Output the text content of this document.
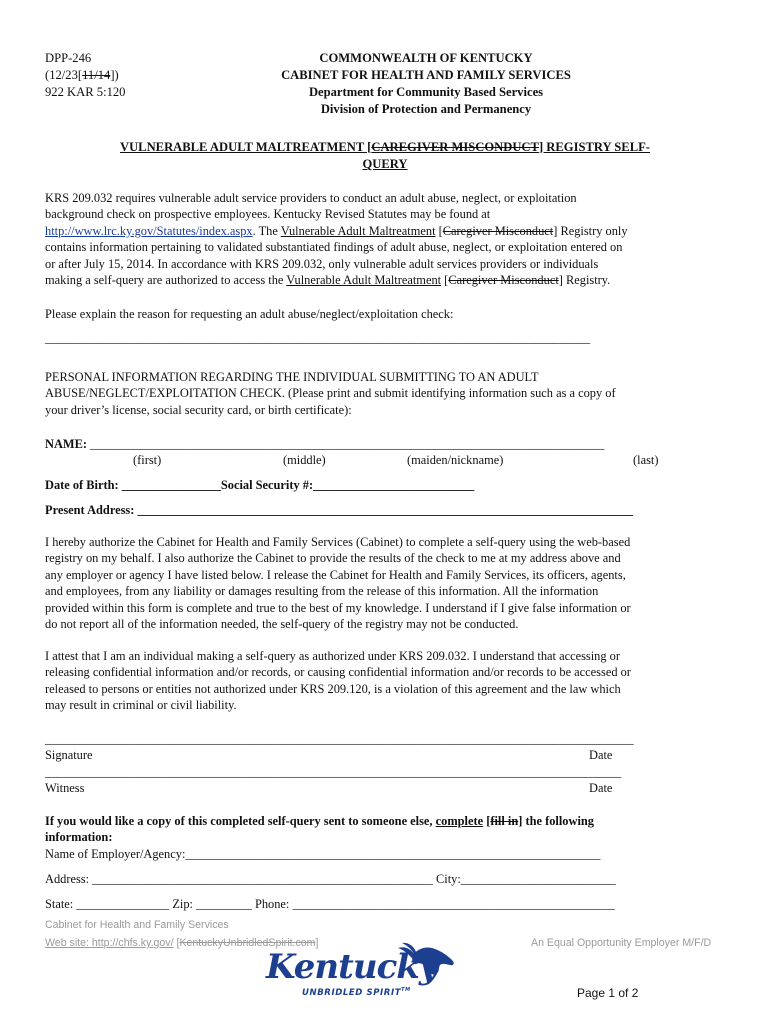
DPP-246
(12/23[11/14])
922 KAR 5:120
COMMONWEALTH OF KENTUCKY
CABINET FOR HEALTH AND FAMILY SERVICES
Department for Community Based Services
Division of Protection and Permanency
VULNERABLE ADULT MALTREATMENT [CAREGIVER MISCONDUCT] REGISTRY SELF-
QUERY
KRS 209.032 requires vulnerable adult service providers to conduct an adult abuse, neglect, or exploitation
background check on prospective employees. Kentucky Revised Statutes may be found at
http://www.lrc.ky.gov/Statutes/index.aspx. The Vulnerable Adult Maltreatment [Caregiver Misconduct] Registry only
contains information pertaining to validated substantiated findings of adult abuse, neglect, or exploitation entered on
or after July 15, 2014. In accordance with KRS 209.032, only vulnerable adult services providers or individuals
making a self-query are authorized to access the Vulnerable Adult Maltreatment [Caregiver Misconduct] Registry.
Please explain the reason for requesting an adult abuse/neglect/exploitation check:
________________________________________________________________________________________
PERSONAL INFORMATION REGARDING THE INDIVIDUAL SUBMITTING TO AN ADULT
ABUSE/NEGLECT/EXPLOITATION CHECK. (Please print and submit identifying information such as a copy of
your driver’s license, social security card, or birth certificate):
NAME: ___________________________________________________________________________________
(first)	(middle)	(maiden/nickname)	(last)
Date of Birth: ________________Social Security #:__________________________
Present Address: ________________________________________________________________________________
I hereby authorize the Cabinet for Health and Family Services (Cabinet) to complete a self-query using the web-based
registry on my behalf. I also authorize the Cabinet to provide the results of the check to me at my address above and
any employer or agency I have listed below. I release the Cabinet for Health and Family Services, its officers, agents,
and employees, from any liability or damages resulting from the release of this information. All the information
provided within this form is complete and true to the best of my knowledge. I understand if I give false information or
do not report all of the information needed, the self-query of the registry may not be conducted.
I attest that I am an individual making a self-query as authorized under KRS 209.032. I understand that accessing or
releasing confidential information and/or records, or causing confidential information and/or records to be accessed or
released to persons or entities not authorized under KRS 209.120, is a violation of this agreement and the law which
may result in criminal or civil liability.
_______________________________________________________________________________________________
Signature	Date
_____________________________________________________________________________________________
Witness	Date
If you would like a copy of this completed self-query sent to someone else, complete [fill in] the following
information:
Name of Employer/Agency:___________________________________________________________________
Address: _______________________________________________________ City:_________________________
State: _______________ Zip: _________ Phone: ____________________________________________________
Cabinet for Health and Family Services
Web site: http://chfs.ky.gov/ [KentuckyUnbridledSpirit.com]	An Equal Opportunity Employer M/F/D
Kentucky
UNBRIDLED SPIRIT™	Page 1 of 2
